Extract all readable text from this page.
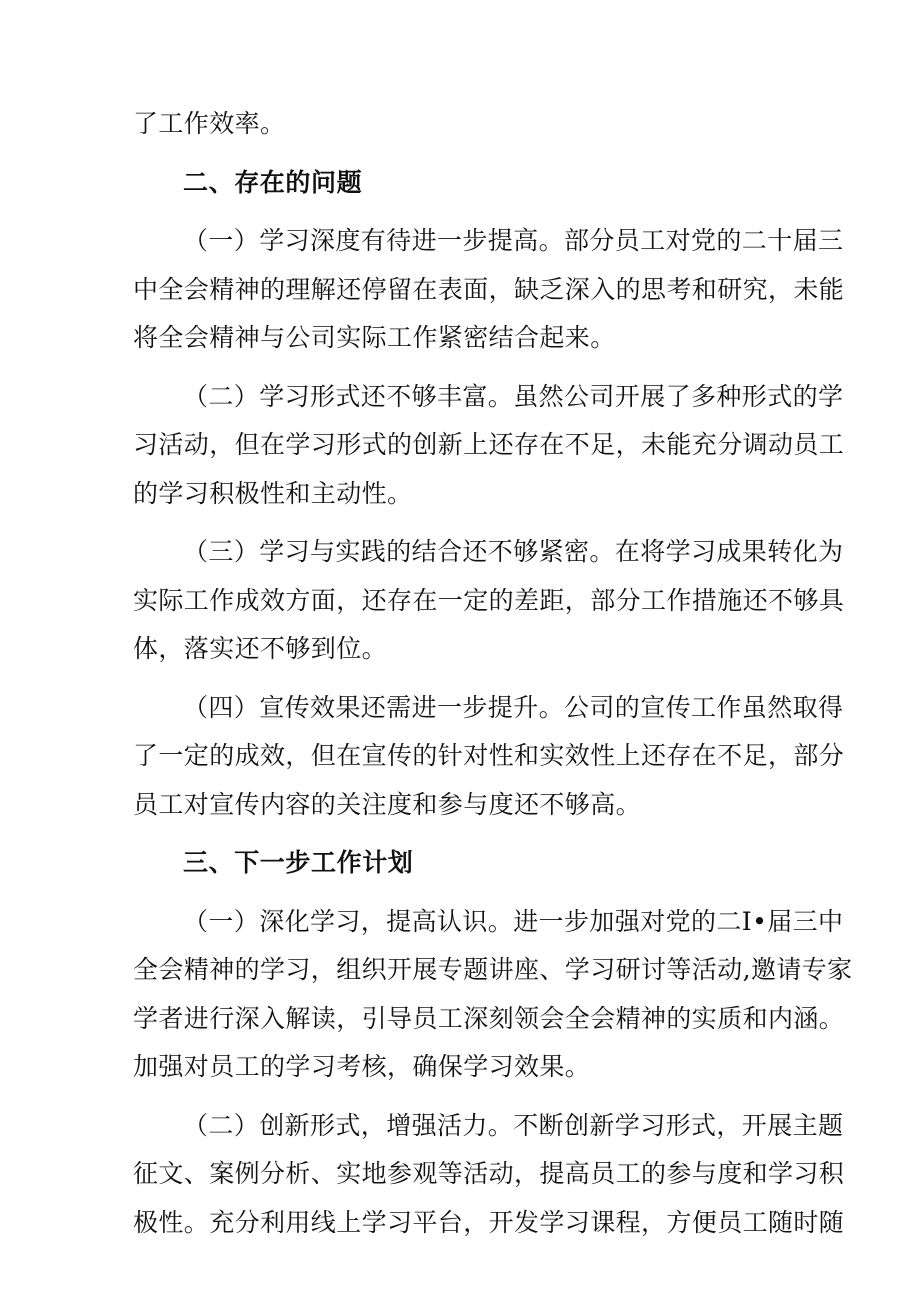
了工作效率。

二、存在的问题

（一）学习深度有待进一步提高。部分员工对党的二十届三
中全会精神的理解还停留在表面，缺乏深入的思考和研究，未能
将全会精神与公司实际工作紧密结合起来。

（二）学习形式还不够丰富。虽然公司开展了多种形式的学
习活动，但在学习形式的创新上还存在不足，未能充分调动员工
的学习积极性和主动性。

（三）学习与实践的结合还不够紧密。在将学习成果转化为
实际工作成效方面，还存在一定的差距，部分工作措施还不够具
体，落实还不够到位。

（四）宣传效果还需进一步提升。公司的宣传工作虽然取得
了一定的成效，但在宣传的针对性和实效性上还存在不足，部分
员工对宣传内容的关注度和参与度还不够高。

三、下一步工作计划

（一）深化学习，提高认识。进一步加强对党的二I•届三中
全会精神的学习，组织开展专题讲座、学习研讨等活动,邀请专家
学者进行深入解读，引导员工深刻领会全会精神的实质和内涵。
加强对员工的学习考核，确保学习效果。

（二）创新形式，增强活力。不断创新学习形式，开展主题
征文、案例分析、实地参观等活动，提高员工的参与度和学习积
极性。充分利用线上学习平台，开发学习课程，方便员工随时随
